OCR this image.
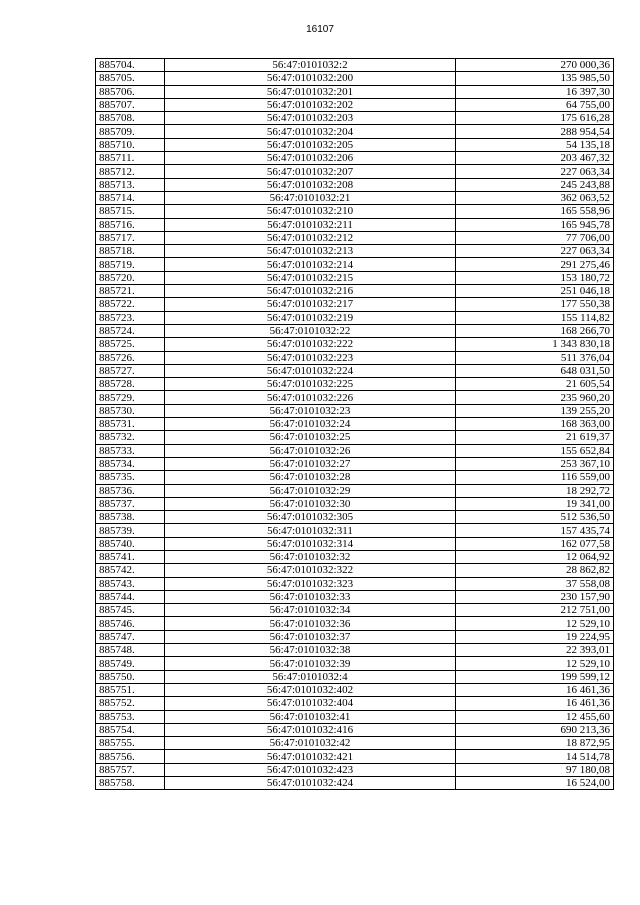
16107
885704.	56:47:0101032:2	270 000,36
885705.	56:47:0101032:200	135 985,50
885706.	56:47:0101032:201	16 397,30
885707.	56:47:0101032:202	64 755,00
885708.	56:47:0101032:203	175 616,28
885709.	56:47:0101032:204	288 954,54
885710.	56:47:0101032:205	54 135,18
885711.	56:47:0101032:206	203 467,32
885712.	56:47:0101032:207	227 063,34
885713.	56:47:0101032:208	245 243,88
885714.	56:47:0101032:21	362 063,52
885715.	56:47:0101032:210	165 558,96
885716.	56:47:0101032:211	165 945,78
885717.	56:47:0101032:212	77 706,00
885718.	56:47:0101032:213	227 063,34
885719.	56:47:0101032:214	291 275,46
885720.	56:47:0101032:215	153 180,72
885721.	56:47:0101032:216	251 046,18
885722.	56:47:0101032:217	177 550,38
885723.	56:47:0101032:219	155 114,82
885724.	56:47:0101032:22	168 266,70
885725.	56:47:0101032:222	1 343 830,18
885726.	56:47:0101032:223	511 376,04
885727.	56:47:0101032:224	648 031,50
885728.	56:47:0101032:225	21 605,54
885729.	56:47:0101032:226	235 960,20
885730.	56:47:0101032:23	139 255,20
885731.	56:47:0101032:24	168 363,00
885732.	56:47:0101032:25	21 619,37
885733.	56:47:0101032:26	155 652,84
885734.	56:47:0101032:27	253 367,10
885735.	56:47:0101032:28	116 559,00
885736.	56:47:0101032:29	18 292,72
885737.	56:47:0101032:30	19 341,00
885738.	56:47:0101032:305	512 536,50
885739.	56:47:0101032:311	157 435,74
885740.	56:47:0101032:314	162 077,58
885741.	56:47:0101032:32	12 064,92
885742.	56:47:0101032:322	28 862,82
885743.	56:47:0101032:323	37 558,08
885744.	56:47:0101032:33	230 157,90
885745.	56:47:0101032:34	212 751,00
885746.	56:47:0101032:36	12 529,10
885747.	56:47:0101032:37	19 224,95
885748.	56:47:0101032:38	22 393,01
885749.	56:47:0101032:39	12 529,10
885750.	56:47:0101032:4	199 599,12
885751.	56:47:0101032:402	16 461,36
885752.	56:47:0101032:404	16 461,36
885753.	56:47:0101032:41	12 455,60
885754.	56:47:0101032:416	690 213,36
885755.	56:47:0101032:42	18 872,95
885756.	56:47:0101032:421	14 514,78
885757.	56:47:0101032:423	97 180,08
885758.	56:47:0101032:424	16 524,00
